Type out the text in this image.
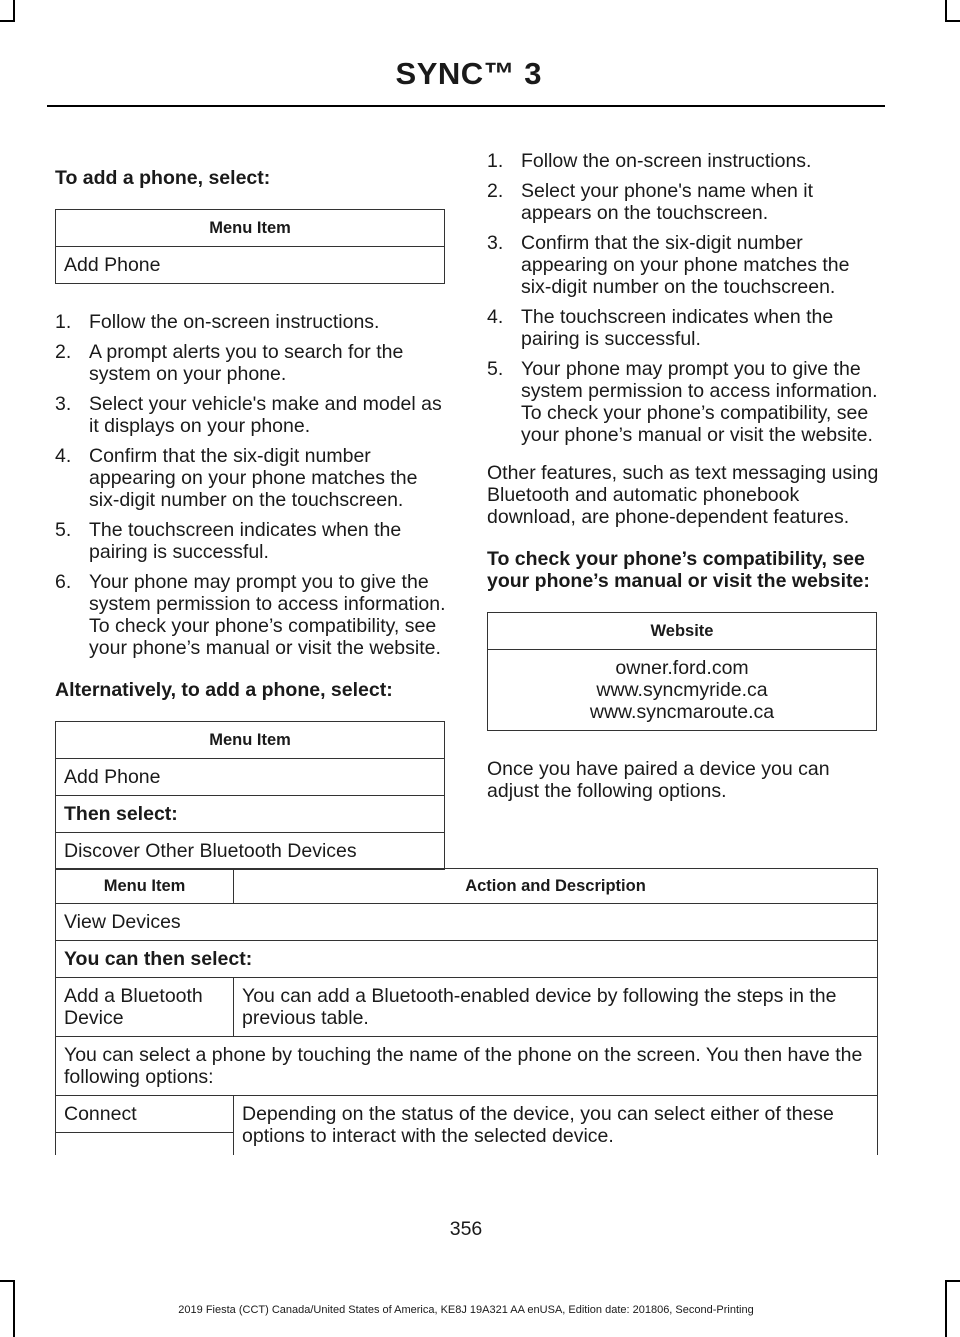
SYNC™ 3
To add a phone, select:
Menu Item
Add Phone
1. Follow the on-screen instructions.
2. A prompt alerts you to search for the system on your phone.
3. Select your vehicle's make and model as it displays on your phone.
4. Confirm that the six-digit number appearing on your phone matches the six-digit number on the touchscreen.
5. The touchscreen indicates when the pairing is successful.
6. Your phone may prompt you to give the system permission to access information. To check your phone’s compatibility, see your phone’s manual or visit the website.
Alternatively, to add a phone, select:
Menu Item
Add Phone
Then select:
Discover Other Bluetooth Devices
1. Follow the on-screen instructions.
2. Select your phone's name when it appears on the touchscreen.
3. Confirm that the six-digit number appearing on your phone matches the six-digit number on the touchscreen.
4. The touchscreen indicates when the pairing is successful.
5. Your phone may prompt you to give the system permission to access information. To check your phone’s compatibility, see your phone’s manual or visit the website.
Other features, such as text messaging using Bluetooth and automatic phonebook download, are phone-dependent features.
To check your phone’s compatibility, see your phone’s manual or visit the website:
Website

owner.ford.com
www.syncmyride.ca
www.syncmaroute.ca
Once you have paired a device you can adjust the following options.
Menu Item	Action and Description
View Devices	
You can then select:	
Add a Bluetooth Device	You can add a Bluetooth-enabled device by following the steps in the previous table.
You can select a phone by touching the name of the phone on the screen. You then have the following options:	
Connect	Depending on the status of the device, you can select either of these options to interact with the selected device.

356
2019 Fiesta (CCT) Canada/United States of America, KE8J 19A321 AA enUSA, Edition date: 201806, Second-Printing
